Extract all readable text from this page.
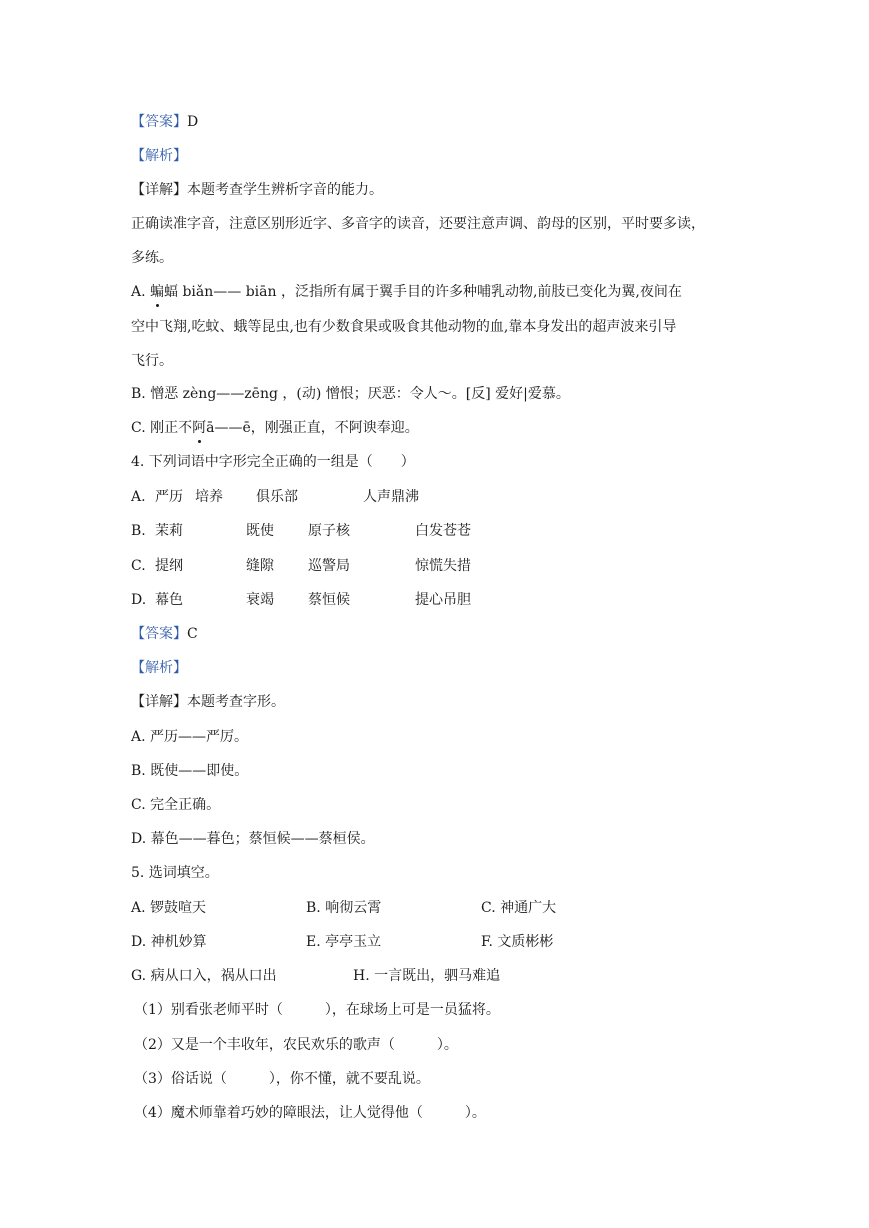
【答案】D
【解析】
【详解】本题考查学生辨析字音的能力。
正确读准字音，注意区别形近字、多音字的读音，还要注意声调、韵母的区别，平时要多读，
多练。
A. 蝙蝠 biǎn—— biān ，泛指所有属于翼手目的许多种哺乳动物,前肢已变化为翼,夜间在
空中飞翔,吃蚊、蛾等昆虫,也有少数食果或吸食其他动物的血,靠本身发出的超声波来引导
飞行。
B. 憎恶 zèng——zēng ，(动) 憎恨；厌恶：令人～。[反] 爱好|爱慕。
C. 刚正不阿ā——ē，刚强正直，不阿谀奉迎。
4. 下列词语中字形完全正确的一组是（　　）
A. 严历 培养 俱乐部	人声鼎沸
B. 茉莉	既使 原子核	白发苍苍
C. 提纲	缝隙 巡警局	惊慌失措
D. 幕色	衰竭 蔡恒候	提心吊胆
【答案】C
【解析】
【详解】本题考查字形。
A. 严历——严厉。
B. 既使——即使。
C. 完全正确。
D. 幕色——暮色；蔡恒候——蔡桓侯。
5. 选词填空。
A. 锣鼓喧天	B. 响彻云霄	C. 神通广大
D. 神机妙算	E. 亭亭玉立	F. 文质彬彬
G. 病从口入，祸从口出	H. 一言既出，驷马难追
（1）别看张老师平时（　　　），在球场上可是一员猛将。
（2）又是一个丰收年，农民欢乐的歌声（　　　）。
（3）俗话说（　　　），你不懂，就不要乱说。
（4）魔术师靠着巧妙的障眼法，让人觉得他（　　　）。
